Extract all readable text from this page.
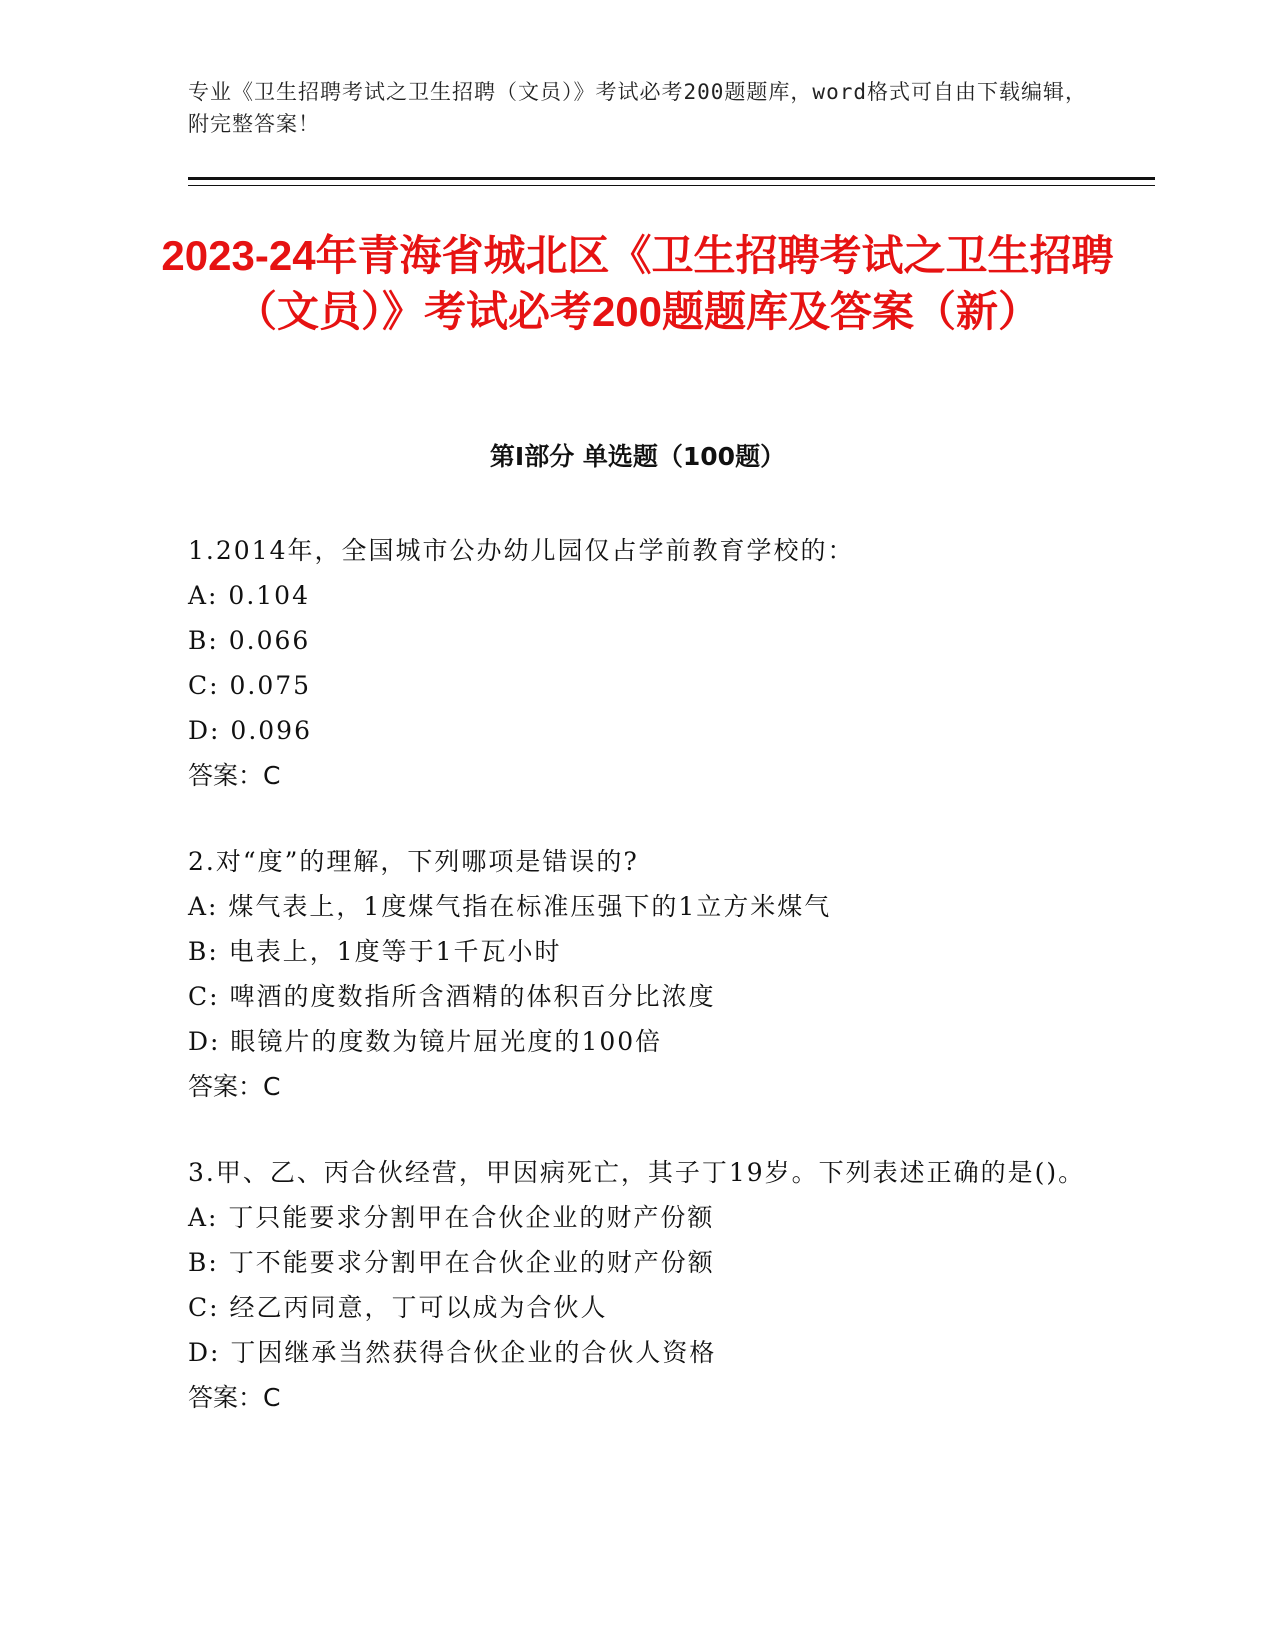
专业《卫生招聘考试之卫生招聘（文员）》考试必考200题题库，word格式可自由下载编辑，附完整答案！
2023-24年青海省城北区《卫生招聘考试之卫生招聘（文员）》考试必考200题题库及答案（新）
第Ⅰ部分 单选题（100题）
1.2014年，全国城市公办幼儿园仅占学前教育学校的：
A: 0.104
B: 0.066
C: 0.075
D: 0.096
答案：C
2.对“度”的理解，下列哪项是错误的?
A: 煤气表上，1度煤气指在标准压强下的1立方米煤气
B: 电表上，1度等于1千瓦小时
C: 啤酒的度数指所含酒精的体积百分比浓度
D: 眼镜片的度数为镜片屈光度的100倍
答案：C
3.甲、乙、丙合伙经营，甲因病死亡，其子丁19岁。下列表述正确的是()。
A: 丁只能要求分割甲在合伙企业的财产份额
B: 丁不能要求分割甲在合伙企业的财产份额
C: 经乙丙同意，丁可以成为合伙人
D: 丁因继承当然获得合伙企业的合伙人资格
答案：C
